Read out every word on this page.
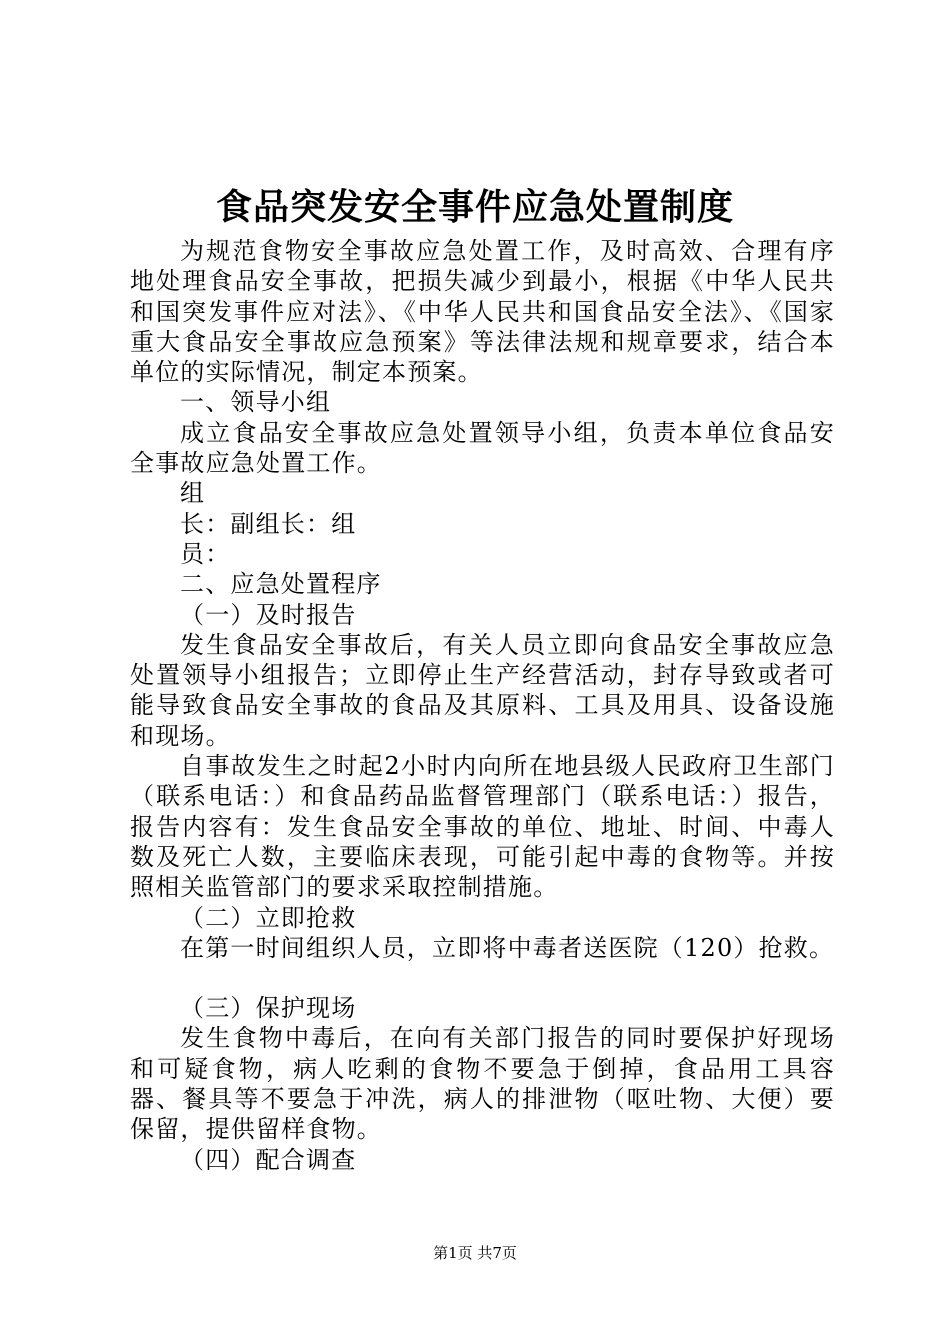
食品突发安全事件应急处置制度

为规范食物安全事故应急处置工作，及时高效、合理有序地处理食品安全事故，把损失减少到最小，根据《中华人民共和国突发事件应对法》、《中华人民共和国食品安全法》、《国家重大食品安全事故应急预案》等法律法规和规章要求，结合本单位的实际情况，制定本预案。

一、领导小组

成立食品安全事故应急处置领导小组，负责本单位食品安全事故应急处置工作。

组

长：副组长：组

员：

二、应急处置程序

（一）及时报告

发生食品安全事故后，有关人员立即向食品安全事故应急处置领导小组报告；立即停止生产经营活动，封存导致或者可能导致食品安全事故的食品及其原料、工具及用具、设备设施和现场。

自事故发生之时起2小时内向所在地县级人民政府卫生部门（联系电话：）和食品药品监督管理部门（联系电话：）报告，报告内容有：发生食品安全事故的单位、地址、时间、中毒人数及死亡人数，主要临床表现，可能引起中毒的食物等。并按照相关监管部门的要求采取控制措施。

（二）立即抢救

在第一时间组织人员，立即将中毒者送医院（120）抢救。

（三）保护现场

发生食物中毒后，在向有关部门报告的同时要保护好现场和可疑食物，病人吃剩的食物不要急于倒掉，食品用工具容器、餐具等不要急于冲洗，病人的排泄物（呕吐物、大便）要保留，提供留样食物。

（四）配合调查

第1页 共7页
